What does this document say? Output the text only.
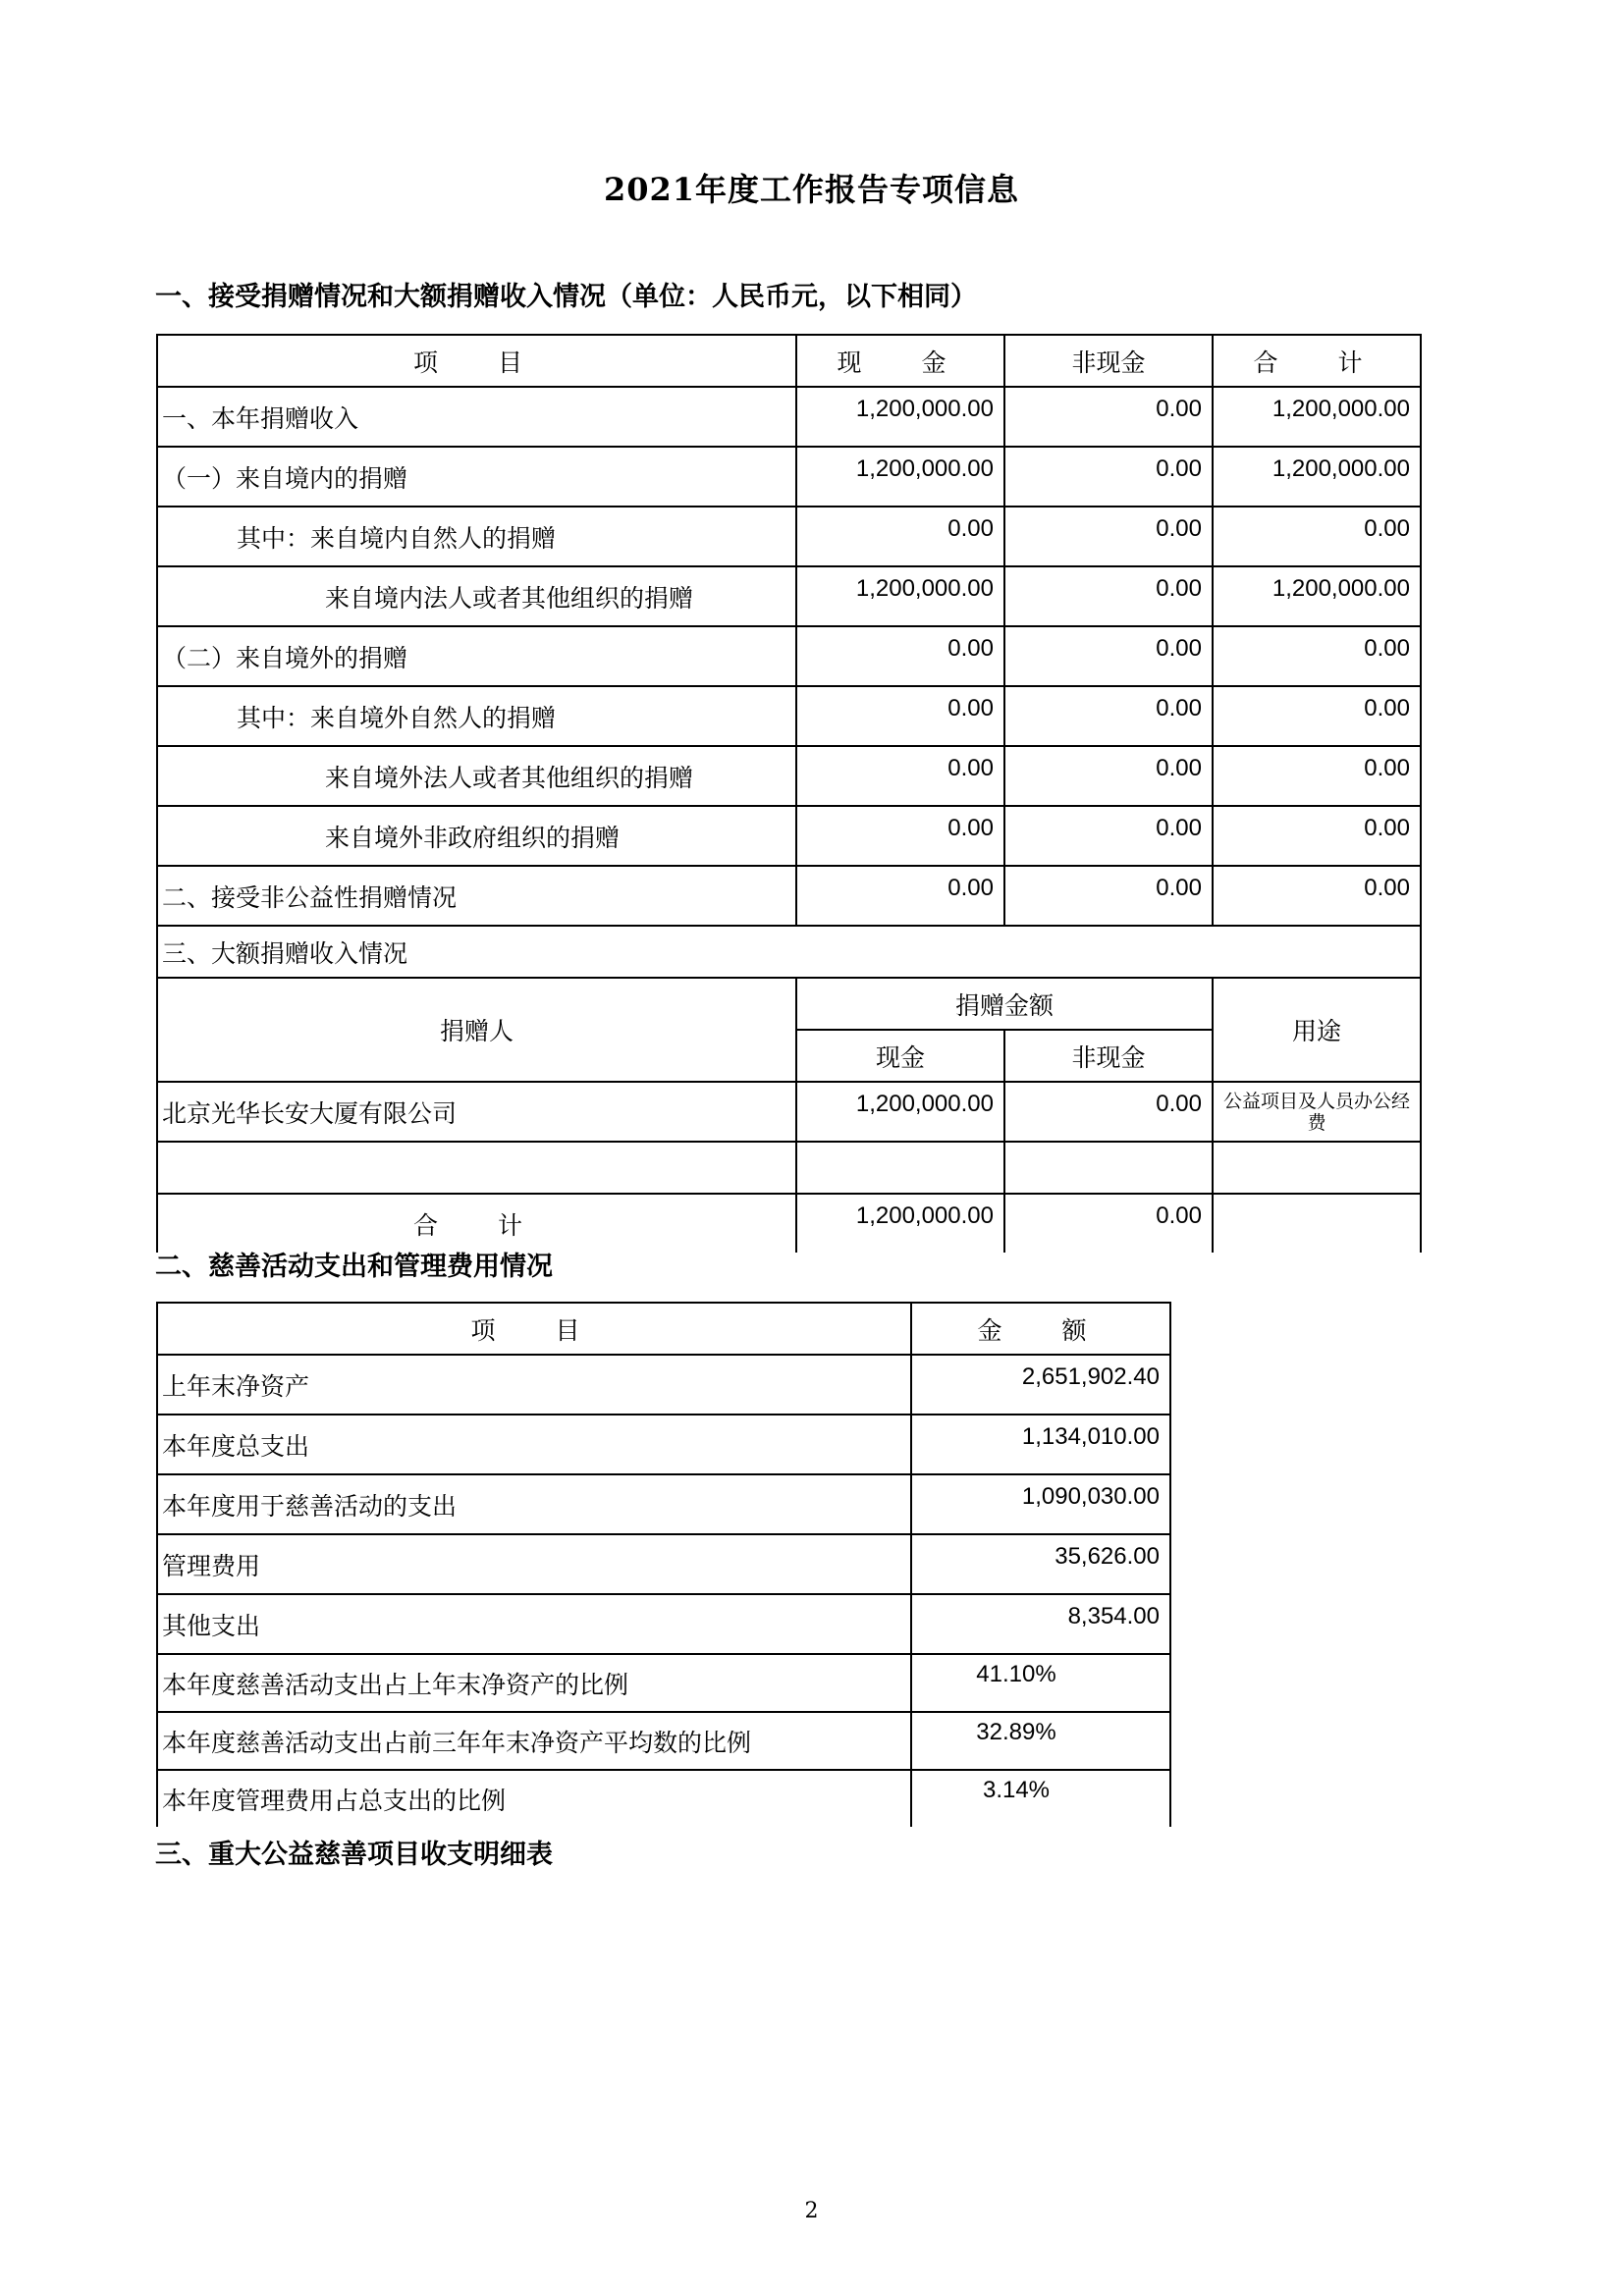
2021年度工作报告专项信息
一、接受捐赠情况和大额捐赠收入情况（单位：人民币元，以下相同）
项　目	现　金	非现金	合　计
一、本年捐赠收入	1,200,000.00	0.00	1,200,000.00
（一）来自境内的捐赠	1,200,000.00	0.00	1,200,000.00
其中：来自境内自然人的捐赠	0.00	0.00	0.00
来自境内法人或者其他组织的捐赠	1,200,000.00	0.00	1,200,000.00
（二）来自境外的捐赠	0.00	0.00	0.00
其中：来自境外自然人的捐赠	0.00	0.00	0.00
来自境外法人或者其他组织的捐赠	0.00	0.00	0.00
来自境外非政府组织的捐赠	0.00	0.00	0.00
二、接受非公益性捐赠情况	0.00	0.00	0.00
三、大额捐赠收入情况			
捐赠人	捐赠金额		用途
	现金	非现金	
北京光华长安大厦有限公司	1,200,000.00	0.00	公益项目及人员办公经费

合　计	1,200,000.00	0.00	
二、慈善活动支出和管理费用情况
项　目	金　额
上年末净资产	2,651,902.40
本年度总支出	1,134,010.00
本年度用于慈善活动的支出	1,090,030.00
管理费用	35,626.00
其他支出	8,354.00
本年度慈善活动支出占上年末净资产的比例	41.10%
本年度慈善活动支出占前三年年末净资产平均数的比例	32.89%
本年度管理费用占总支出的比例	3.14%
三、重大公益慈善项目收支明细表
2
